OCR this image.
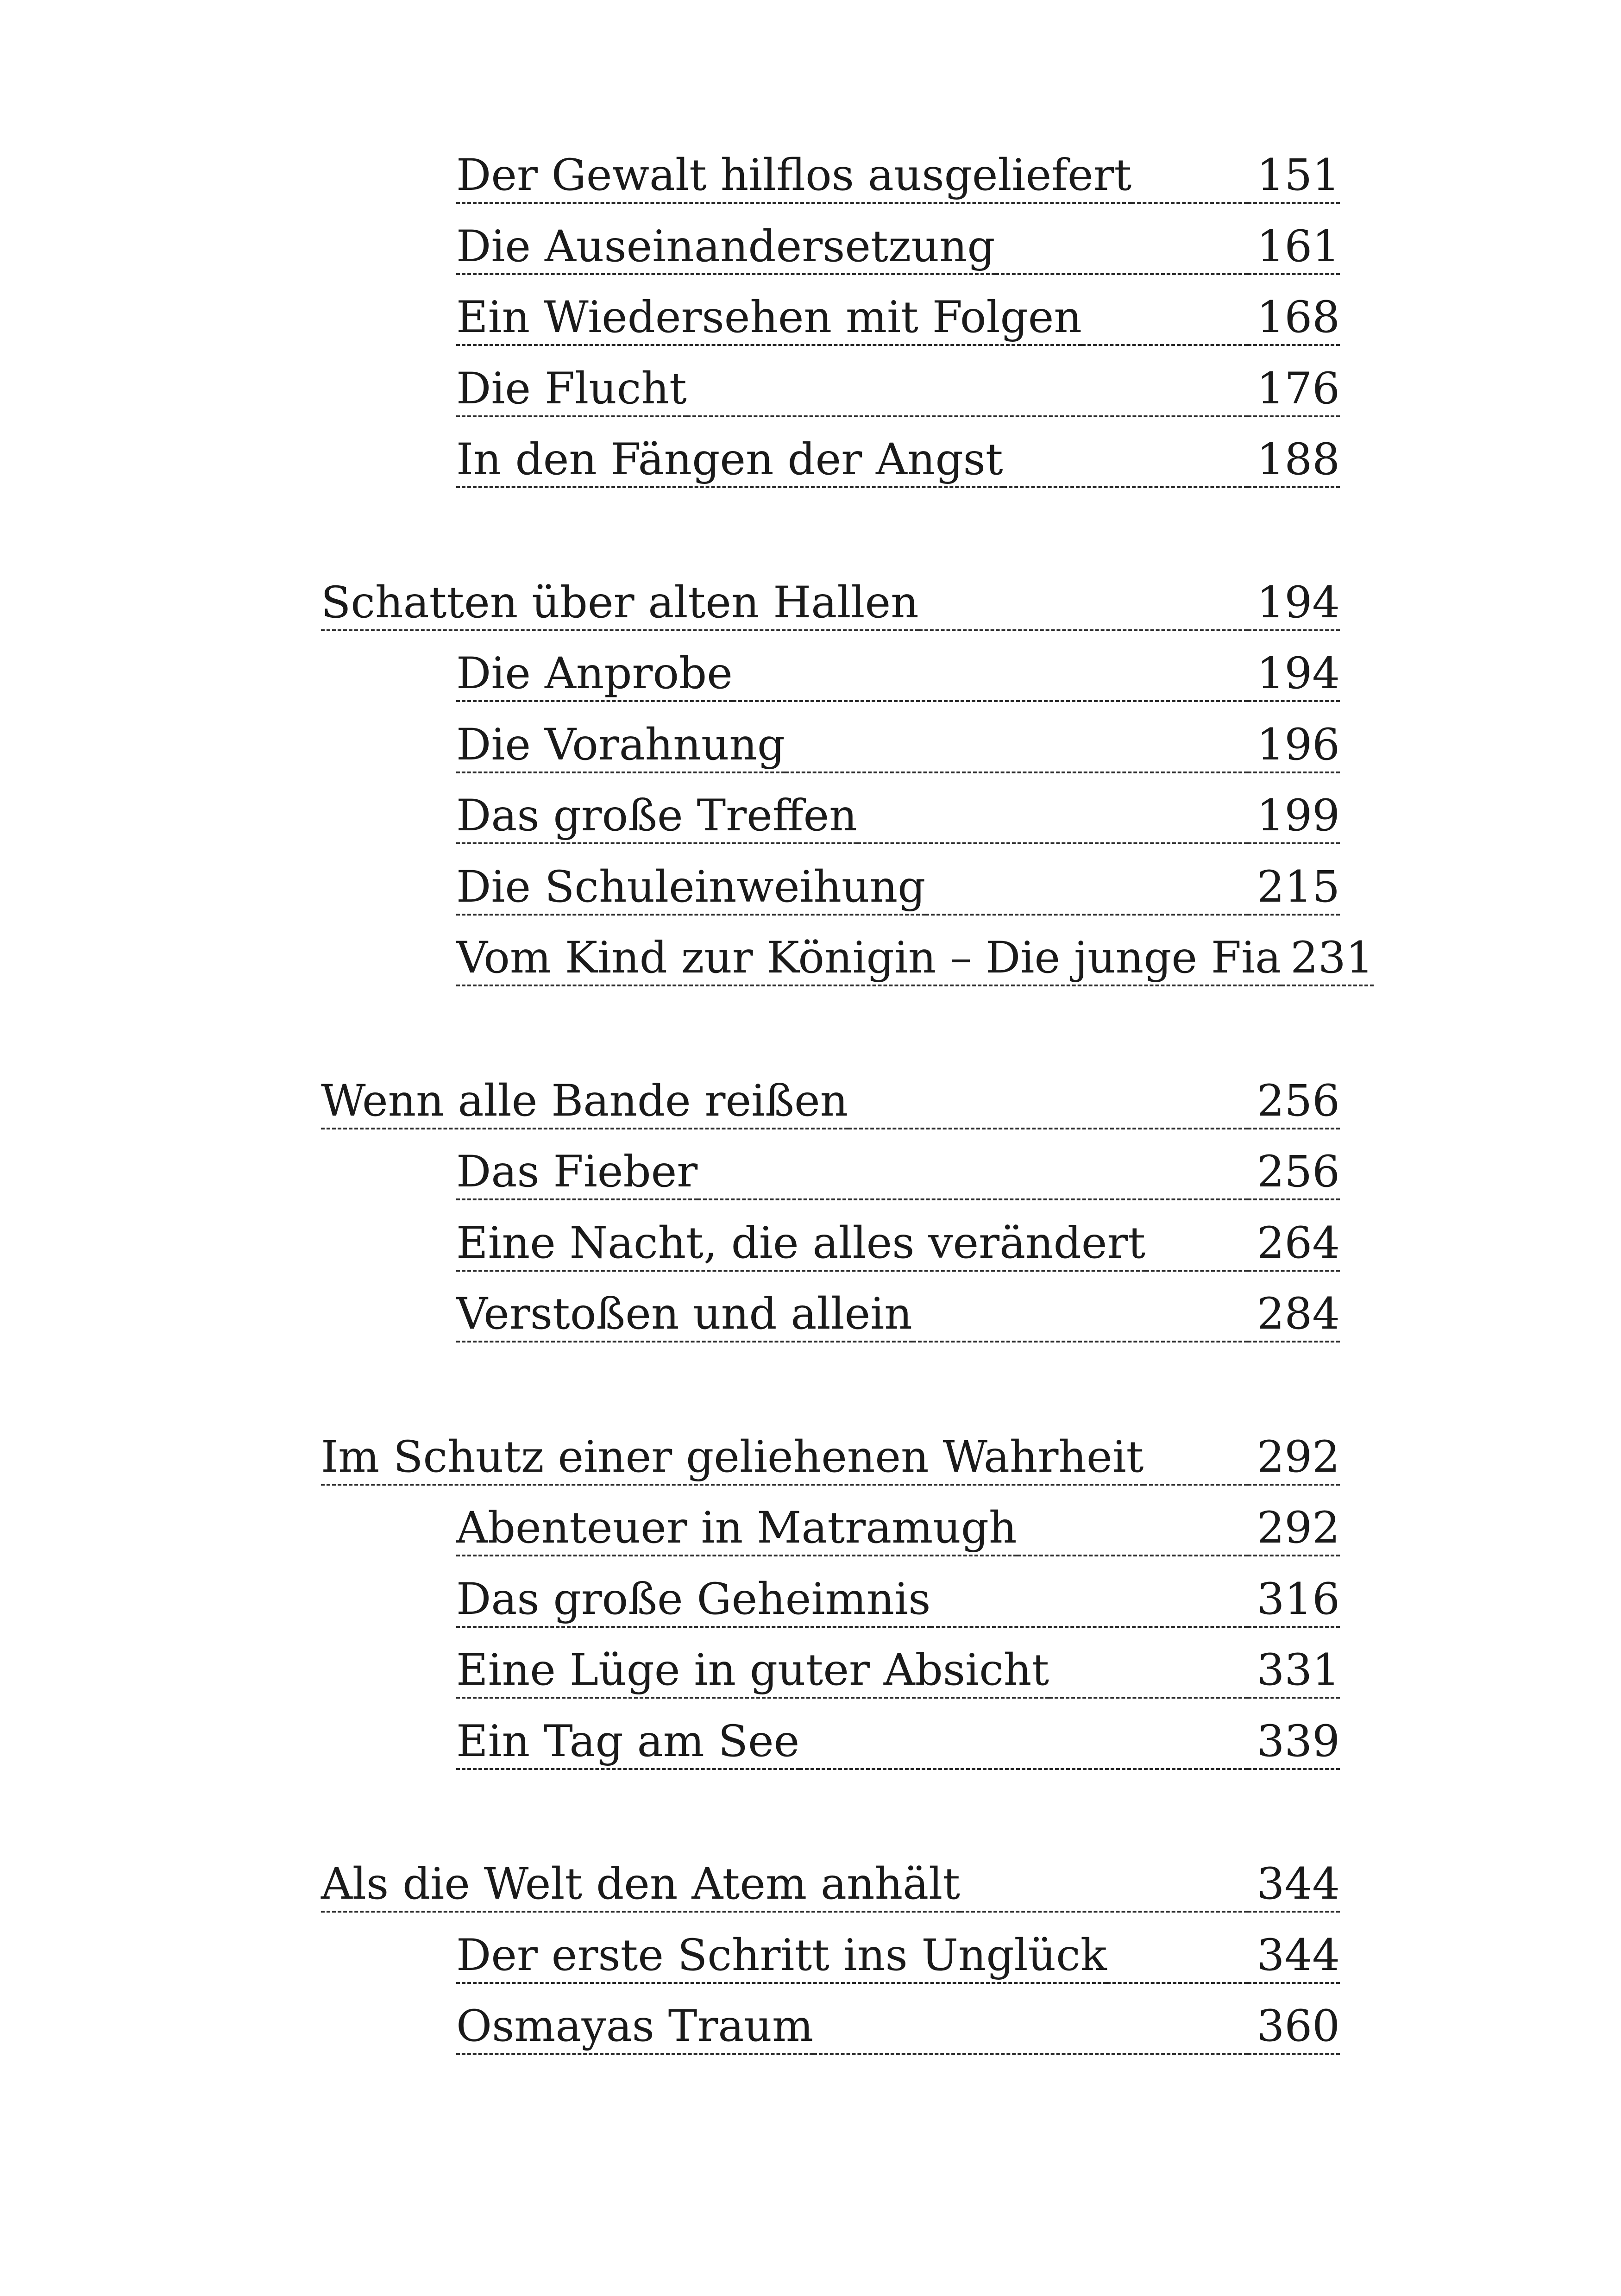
Der Gewalt hilflos ausgeliefert	151
Die Auseinandersetzung	161
Ein Wiedersehen mit Folgen	168
Die Flucht	176
In den Fängen der Angst	188
Schatten über alten Hallen	194
Die Anprobe	194
Die Vorahnung	196
Das große Treffen	199
Die Schuleinweihung	215
Vom Kind zur Königin – Die junge Fia 231
Wenn alle Bande reißen	256
Das Fieber	256
Eine Nacht, die alles verändert	264
Verstoßen und allein	284
Im Schutz einer geliehenen Wahrheit	292
Abenteuer in Matramugh	292
Das große Geheimnis	316
Eine Lüge in guter Absicht	331
Ein Tag am See	339
Als die Welt den Atem anhält	344
Der erste Schritt ins Unglück	344
Osmayas Traum	360
